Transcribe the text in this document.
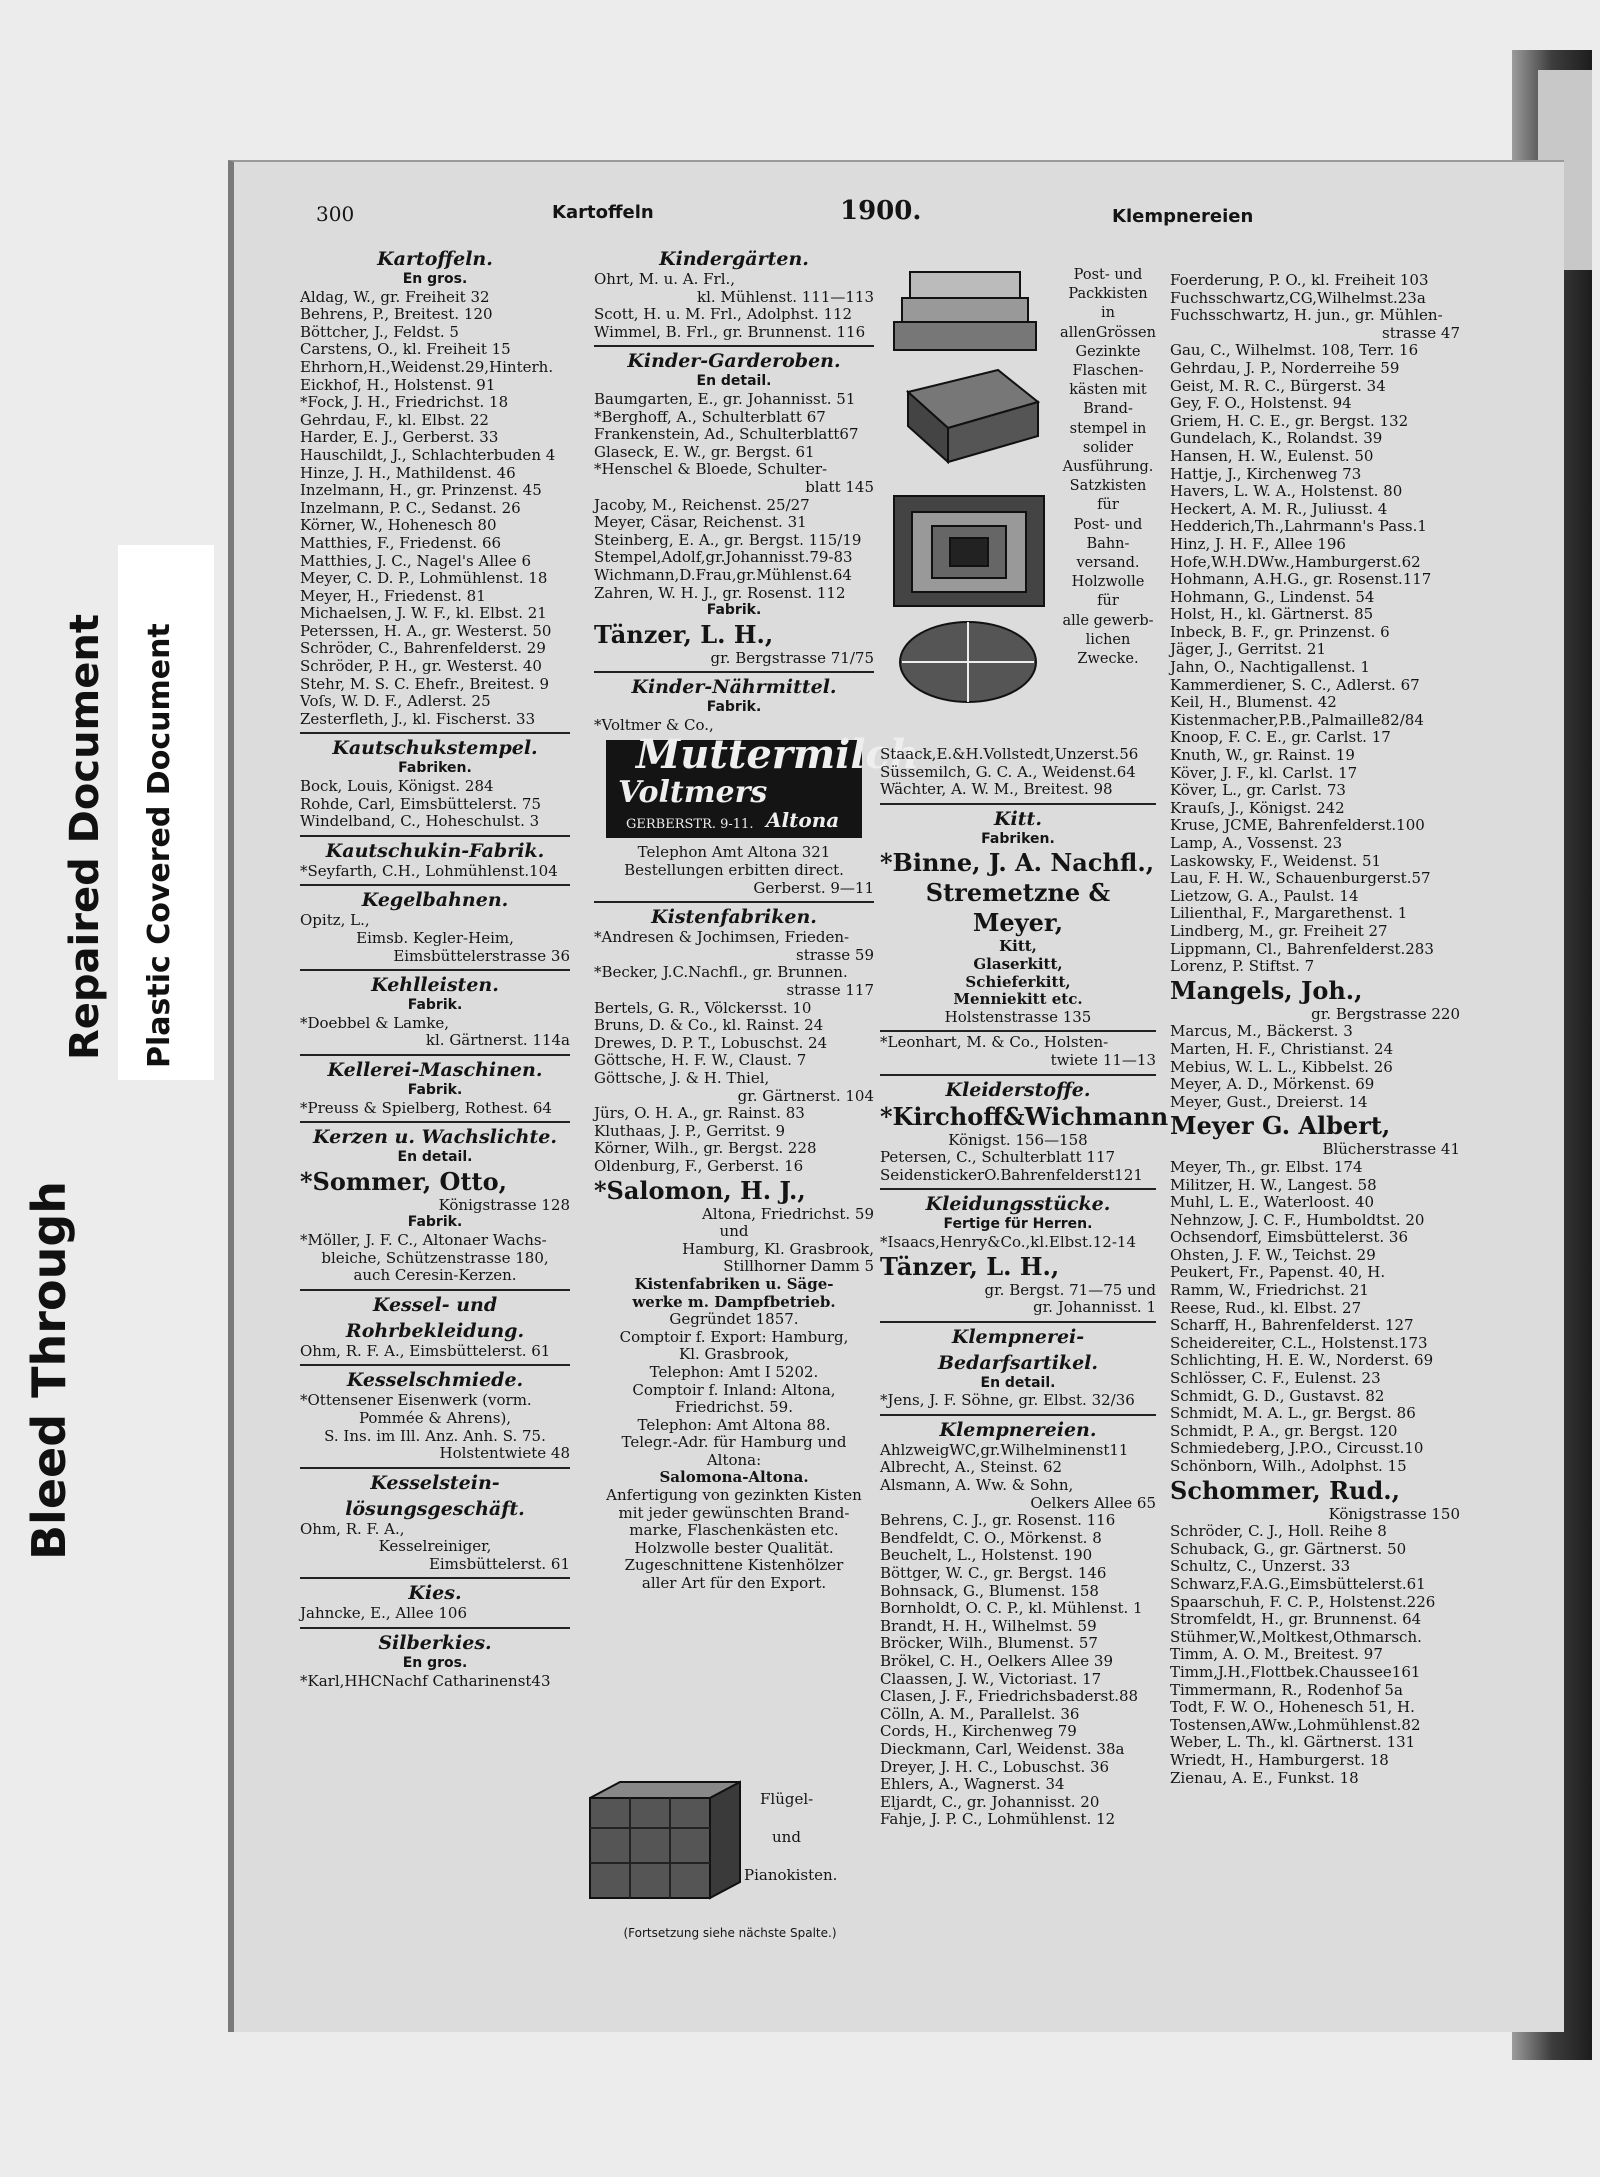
Bleed Through
Repaired Document Plastic Covered Document
300	Kartoffeln	1900.	Klempnereien

Kartoffeln.

En gros.

Aldag, W., gr. Freiheit 32

Behrens, P., Breitest. 120

Böttcher, J., Feldst. 5

Carstens, O., kl. Freiheit 15

Ehrhorn,H.,Weidenst.29,Hinterh.

Eickhof, H., Holstenst. 91

*Fock, J. H., Friedrichst. 18

Gehrdau, F., kl. Elbst. 22

Harder, E. J., Gerberst. 33

Hauschildt, J., Schlachterbuden 4

Hinze, J. H., Mathildenst. 46

Inzelmann, H., gr. Prinzenst. 45

Inzelmann, P. C., Sedanst. 26

Körner, W., Hohenesch 80

Matthies, F., Friedenst. 66

Matthies, J. C., Nagel's Allee 6

Meyer, C. D. P., Lohmühlenst. 18

Meyer, H., Friedenst. 81

Michaelsen, J. W. F., kl. Elbst. 21

Peterssen, H. A., gr. Westerst. 50

Schröder, C., Bahrenfelderst. 29

Schröder, P. H., gr. Westerst. 40

Stehr, M. S. C. Ehefr., Breitest. 9

Voſs, W. D. F., Adlerst. 25

Zesterfleth, J., kl. Fischerst. 33

Kautschukstempel.

Fabriken.

Bock, Louis, Königst. 284

Rohde, Carl, Eimsbüttelerst. 75

Windelband, C., Hoheschulst. 3

Kautschukin-Fabrik.

*Seyfarth, C.H., Lohmühlenst.104

Kegelbahnen.

Opitz, L.,

Eimsb. Kegler-Heim,

Eimsbüttelerstrasse 36

Kehlleisten.

Fabrik.

*Doebbel & Lamke,

kl. Gärtnerst. 114a

Kellerei-Maschinen.

Fabrik.

*Preuss & Spielberg, Rothest. 64

Kerzen u. Wachslichte.

En detail.

*Sommer, Otto,

Königstrasse 128

Fabrik.

*Möller, J. F. C., Altonaer Wachs-

bleiche, Schützenstrasse 180,

auch Ceresin-Kerzen.

Kessel- und

Rohrbekleidung.

Ohm, R. F. A., Eimsbüttelerst. 61

Kesselschmiede.

*Ottensener Eisenwerk (vorm.

Pommée & Ahrens),

S. Ins. im Ill. Anz. Anh. S. 75.

Holstentwiete 48

Kesselstein-

lösungsgeschäft.

Ohm, R. F. A.,

Kesselreiniger,

Eimsbüttelerst. 61

Kies.

Jahncke, E., Allee 106

Silberkies.

En gros.

*Karl,HHCNachf Catharinenst43

Kindergärten.

Ohrt, M. u. A. Frl.,

kl. Mühlenst. 111—113

Scott, H. u. M. Frl., Adolphst. 112

Wimmel, B. Frl., gr. Brunnenst. 116

Kinder-Garderoben.

En detail.

Baumgarten, E., gr. Johannisst. 51

*Berghoff, A., Schulterblatt 67

Frankenstein, Ad., Schulterblatt67

Glaseck, E. W., gr. Bergst. 61

*Henschel & Bloede, Schulter-

blatt 145

Jacoby, M., Reichenst. 25/27

Meyer, Cäsar, Reichenst. 31

Steinberg, E. A., gr. Bergst. 115/19

Stempel,Adolf,gr.Johannisst.79-83

Wichmann,D.Frau,gr.Mühlenst.64

Zahren, W. H. J., gr. Rosenst. 112

Fabrik.

Tänzer, L. H.,

gr. Bergstrasse 71/75

Kinder-Nährmittel.

Fabrik.

*Voltmer & Co.,

Muttermilch
Voltmers
GERBERSTR. 9-11. Altona

Telephon Amt Altona 321

Bestellungen erbitten direct.

Gerberst. 9—11

Kistenfabriken.

*Andresen & Jochimsen, Frieden-

strasse 59

*Becker, J.C.Nachfl., gr. Brunnen.

strasse 117

Bertels, G. R., Völckersst. 10

Bruns, D. & Co., kl. Rainst. 24

Drewes, D. P. T., Lobuschst. 24

Göttsche, H. F. W., Claust. 7

Göttsche, J. & H. Thiel,

gr. Gärtnerst. 104

Jürs, O. H. A., gr. Rainst. 83

Kluthaas, J. P., Gerritst. 9

Körner, Wilh., gr. Bergst. 228

Oldenburg, F., Gerberst. 16

*Salomon, H. J.,

Altona, Friedrichst. 59

und

Hamburg, Kl. Grasbrook,

Stillhorner Damm 5

Kistenfabriken u. Säge-

werke m. Dampfbetrieb.

Gegründet 1857.

Comptoir f. Export: Hamburg,

Kl. Grasbrook,

Telephon: Amt I 5202.

Comptoir f. Inland: Altona,

Friedrichst. 59.

Telephon: Amt Altona 88.

Telegr.-Adr. für Hamburg und

Altona:

Salomona-Altona.

Anfertigung von gezinkten Kisten

mit jeder gewünschten Brand-

marke, Flaschenkästen etc.

Holzwolle bester Qualität.

Zugeschnittene Kistenhölzer

aller Art für den Export.

Flügel-
und
Pianokisten.
(Fortsetzung siehe nächste Spalte.)

Post- und

Packkisten

in

allenGrössen

Gezinkte

Flaschen-

kästen mit

Brand-

stempel in

solider

Ausführung.

Satzkisten

für

Post- und

Bahn-

versand.

Holzwolle

für

alle gewerb-

lichen

Zwecke.

Staack,E.&H.Vollstedt,Unzerst.56

Süssemilch, G. C. A., Weidenst.64

Wächter, A. W. M., Breitest. 98

Kitt.

Fabriken.

*Binne, J. A. Nachfl.,

Stremetzne & Meyer,

Kitt,

Glaserkitt,

Schieferkitt,

Menniekitt etc.

Holstenstrasse 135

*Leonhart, M. & Co., Holsten-

twiete 11—13

Kleiderstoffe.

*Kirchoff&Wichmann

Königst. 156—158

Petersen, C., Schulterblatt 117

SeidenstickerO.Bahrenfelderst121

Kleidungsstücke.

Fertige für Herren.

*Isaacs,Henry&Co.,kl.Elbst.12-14

Tänzer, L. H.,

gr. Bergst. 71—75 und

gr. Johannisst. 1

Klempnerei-

Bedarfsartikel.

En detail.

*Jens, J. F. Söhne, gr. Elbst. 32/36

Klempnereien.

AhlzweigWC,gr.Wilhelminenst11

Albrecht, A., Steinst. 62

Alsmann, A. Ww. & Sohn,

Oelkers Allee 65

Behrens, C. J., gr. Rosenst. 116

Bendfeldt, C. O., Mörkenst. 8

Beuchelt, L., Holstenst. 190

Böttger, W. C., gr. Bergst. 146

Bohnsack, G., Blumenst. 158

Bornholdt, O. C. P., kl. Mühlenst. 1

Brandt, H. H., Wilhelmst. 59

Bröcker, Wilh., Blumenst. 57

Brökel, C. H., Oelkers Allee 39

Claassen, J. W., Victoriast. 17

Clasen, J. F., Friedrichsbaderst.88

Cölln, A. M., Parallelst. 36

Cords, H., Kirchenweg 79

Dieckmann, Carl, Weidenst. 38a

Dreyer, J. H. C., Lobuschst. 36

Ehlers, A., Wagnerst. 34

Eljardt, C., gr. Johannisst. 20

Fahje, J. P. C., Lohmühlenst. 12

Foerderung, P. O., kl. Freiheit 103

Fuchsschwartz,CG,Wilhelmst.23a

Fuchsschwartz, H. jun., gr. Mühlen-

strasse 47

Gau, C., Wilhelmst. 108, Terr. 16

Gehrdau, J. P., Norderreihe 59

Geist, M. R. C., Bürgerst. 34

Gey, F. O., Holstenst. 94

Griem, H. C. E., gr. Bergst. 132

Gundelach, K., Rolandst. 39

Hansen, H. W., Eulenst. 50

Hattje, J., Kirchenweg 73

Havers, L. W. A., Holstenst. 80

Heckert, A. M. R., Juliusst. 4

Hedderich,Th.,Lahrmann's Pass.1

Hinz, J. H. F., Allee 196

Hofe,W.H.DWw.,Hamburgerst.62

Hohmann, A.H.G., gr. Rosenst.117

Hohmann, G., Lindenst. 54

Holst, H., kl. Gärtnerst. 85

Inbeck, B. F., gr. Prinzenst. 6

Jäger, J., Gerritst. 21

Jahn, O., Nachtigallenst. 1

Kammerdiener, S. C., Adlerst. 67

Keil, H., Blumenst. 42

Kistenmacher,P.B.,Palmaille82/84

Knoop, F. C. E., gr. Carlst. 17

Knuth, W., gr. Rainst. 19

Köver, J. F., kl. Carlst. 17

Köver, L., gr. Carlst. 73

Krauſs, J., Königst. 242

Kruse, JCME, Bahrenfelderst.100

Lamp, A., Vossenst. 23

Laskowsky, F., Weidenst. 51

Lau, F. H. W., Schauenburgerst.57

Lietzow, G. A., Paulst. 14

Lilienthal, F., Margarethenst. 1

Lindberg, M., gr. Freiheit 27

Lippmann, Cl., Bahrenfelderst.283

Lorenz, P. Stiftst. 7

Mangels, Joh.,

gr. Bergstrasse 220

Marcus, M., Bäckerst. 3

Marten, H. F., Christianst. 24

Mebius, W. L. L., Kibbelst. 26

Meyer, A. D., Mörkenst. 69

Meyer, Gust., Dreierst. 14

Meyer G. Albert,

Blücherstrasse 41

Meyer, Th., gr. Elbst. 174

Militzer, H. W., Langest. 58

Muhl, L. E., Waterloost. 40

Nehnzow, J. C. F., Humboldtst. 20

Ochsendorf, Eimsbüttelerst. 36

Ohsten, J. F. W., Teichst. 29

Peukert, Fr., Papenst. 40, H.

Ramm, W., Friedrichst. 21

Reese, Rud., kl. Elbst. 27

Scharff, H., Bahrenfelderst. 127

Scheidereiter, C.L., Holstenst.173

Schlichting, H. E. W., Norderst. 69

Schlösser, C. F., Eulenst. 23

Schmidt, G. D., Gustavst. 82

Schmidt, M. A. L., gr. Bergst. 86

Schmidt, P. A., gr. Bergst. 120

Schmiedeberg, J.P.O., Circusst.10

Schönborn, Wilh., Adolphst. 15

Schommer, Rud.,

Königstrasse 150

Schröder, C. J., Holl. Reihe 8

Schuback, G., gr. Gärtnerst. 50

Schultz, C., Unzerst. 33

Schwarz,F.A.G.,Eimsbüttelerst.61

Spaarschuh, F. C. P., Holstenst.226

Stromfeldt, H., gr. Brunnenst. 64

Stühmer,W.,Moltkest,Othmarsch.

Timm, A. O. M., Breitest. 97

Timm,J.H.,Flottbek.Chaussee161

Timmermann, R., Rodenhof 5a

Todt, F. W. O., Hohenesch 51, H.

Tostensen,AWw.,Lohmühlenst.82

Weber, L. Th., kl. Gärtnerst. 131

Wriedt, H., Hamburgerst. 18

Zienau, A. E., Funkst. 18
